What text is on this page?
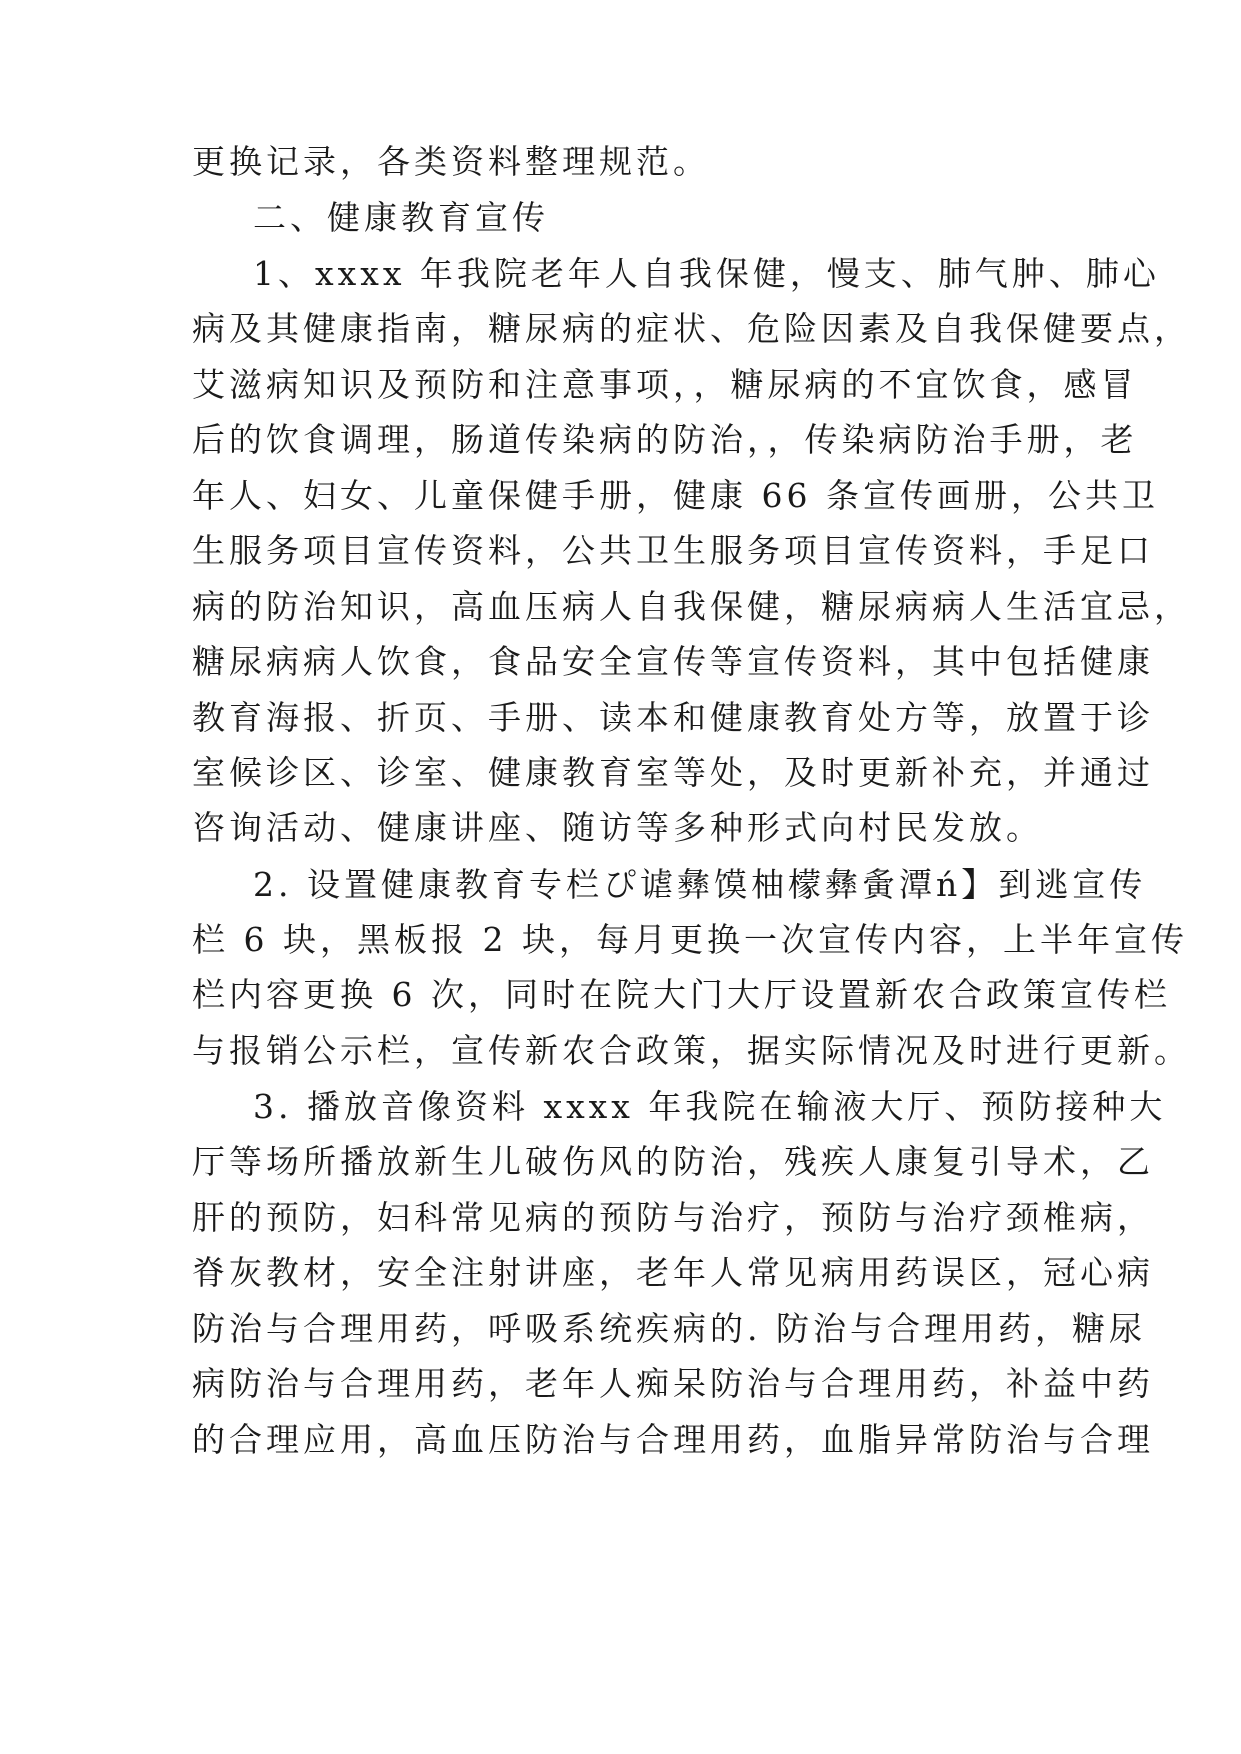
更换记录，各类资料整理规范。
二、健康教育宣传
1、xxxx 年我院老年人自我保健，慢支、肺气肿、肺心
病及其健康指南，糖尿病的症状、危险因素及自我保健要点，
艾滋病知识及预防和注意事项，，糖尿病的不宜饮食，感冒
后的饮食调理，肠道传染病的防治，，传染病防治手册，老
年人、妇女、儿童保健手册，健康 66 条宣传画册，公共卫
生服务项目宣传资料，公共卫生服务项目宣传资料，手足口
病的防治知识，高血压病人自我保健，糖尿病病人生活宜忌，
糖尿病病人饮食，食品安全宣传等宣传资料，其中包括健康
教育海报、折页、手册、读本和健康教育处方等，放置于诊
室候诊区、诊室、健康教育室等处，及时更新补充，并通过
咨询活动、健康讲座、随访等多种形式向村民发放。
2. 设置健康教育专栏ぴ谑彝馍柚檬彝夤潭ń】到逃宣传
栏 6 块，黑板报 2 块，每月更换一次宣传内容，上半年宣传
栏内容更换 6 次，同时在院大门大厅设置新农合政策宣传栏
与报销公示栏，宣传新农合政策，据实际情况及时进行更新。
3. 播放音像资料 xxxx 年我院在输液大厅、预防接种大
厅等场所播放新生儿破伤风的防治，残疾人康复引导术，乙
肝的预防，妇科常见病的预防与治疗，预防与治疗颈椎病，
脊灰教材，安全注射讲座，老年人常见病用药误区，冠心病
防治与合理用药，呼吸系统疾病的. 防治与合理用药，糖尿
病防治与合理用药，老年人痴呆防治与合理用药，补益中药
的合理应用，高血压防治与合理用药，血脂异常防治与合理
